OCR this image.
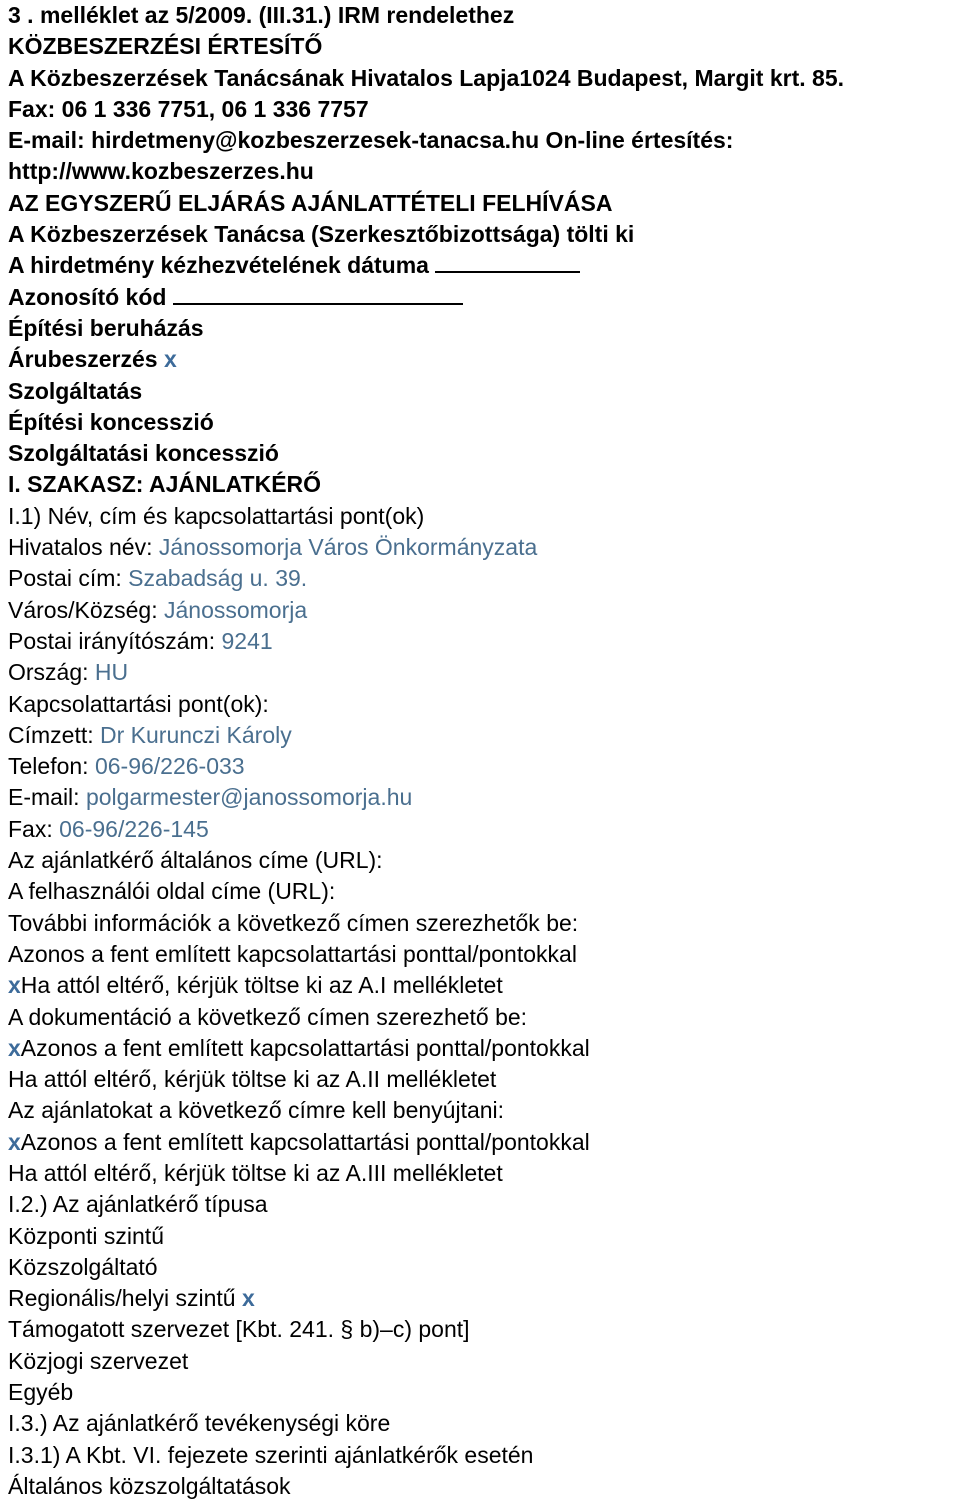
3 . melléklet az 5/2009. (III.31.) IRM rendelethez
KÖZBESZERZÉSI ÉRTESÍTŐ
A Közbeszerzések Tanácsának Hivatalos Lapja1024 Budapest, Margit krt. 85.
Fax: 06 1 336 7751, 06 1 336 7757
E-mail: hirdetmeny@kozbeszerzesek-tanacsa.hu On-line értesítés:
http://www.kozbeszerzes.hu
AZ EGYSZERŰ ELJÁRÁS AJÁNLATTÉTELI FELHÍVÁSA
A Közbeszerzések Tanácsa (Szerkesztőbizottsága) tölti ki
A hirdetmény kézhezvételének dátuma
Azonosító kód
Építési beruházás
Árubeszerzés x
Szolgáltatás
Építési koncesszió
Szolgáltatási koncesszió
I. SZAKASZ: AJÁNLATKÉRŐ
I.1) Név, cím és kapcsolattartási pont(ok)
Hivatalos név: Jánossomorja Város Önkormányzata
Postai cím: Szabadság u. 39.
Város/Község: Jánossomorja
Postai irányítószám: 9241
Ország: HU
Kapcsolattartási pont(ok):
Címzett: Dr Kurunczi Károly
Telefon: 06-96/226-033
E-mail: polgarmester@janossomorja.hu
Fax: 06-96/226-145
Az ajánlatkérő általános címe (URL):
A felhasználói oldal címe (URL):
További információk a következő címen szerezhetők be:
Azonos a fent említett kapcsolattartási ponttal/pontokkal
xHa attól eltérő, kérjük töltse ki az A.I mellékletet
A dokumentáció a következő címen szerezhető be:
xAzonos a fent említett kapcsolattartási ponttal/pontokkal
Ha attól eltérő, kérjük töltse ki az A.II mellékletet
Az ajánlatokat a következő címre kell benyújtani:
xAzonos a fent említett kapcsolattartási ponttal/pontokkal
Ha attól eltérő, kérjük töltse ki az A.III mellékletet
I.2.) Az ajánlatkérő típusa
Központi szintű
Közszolgáltató
Regionális/helyi szintű x
Támogatott szervezet [Kbt. 241. § b)–c) pont]
Közjogi szervezet
Egyéb
I.3.) Az ajánlatkérő tevékenységi köre
I.3.1) A Kbt. VI. fejezete szerinti ajánlatkérők esetén
Általános közszolgáltatások
